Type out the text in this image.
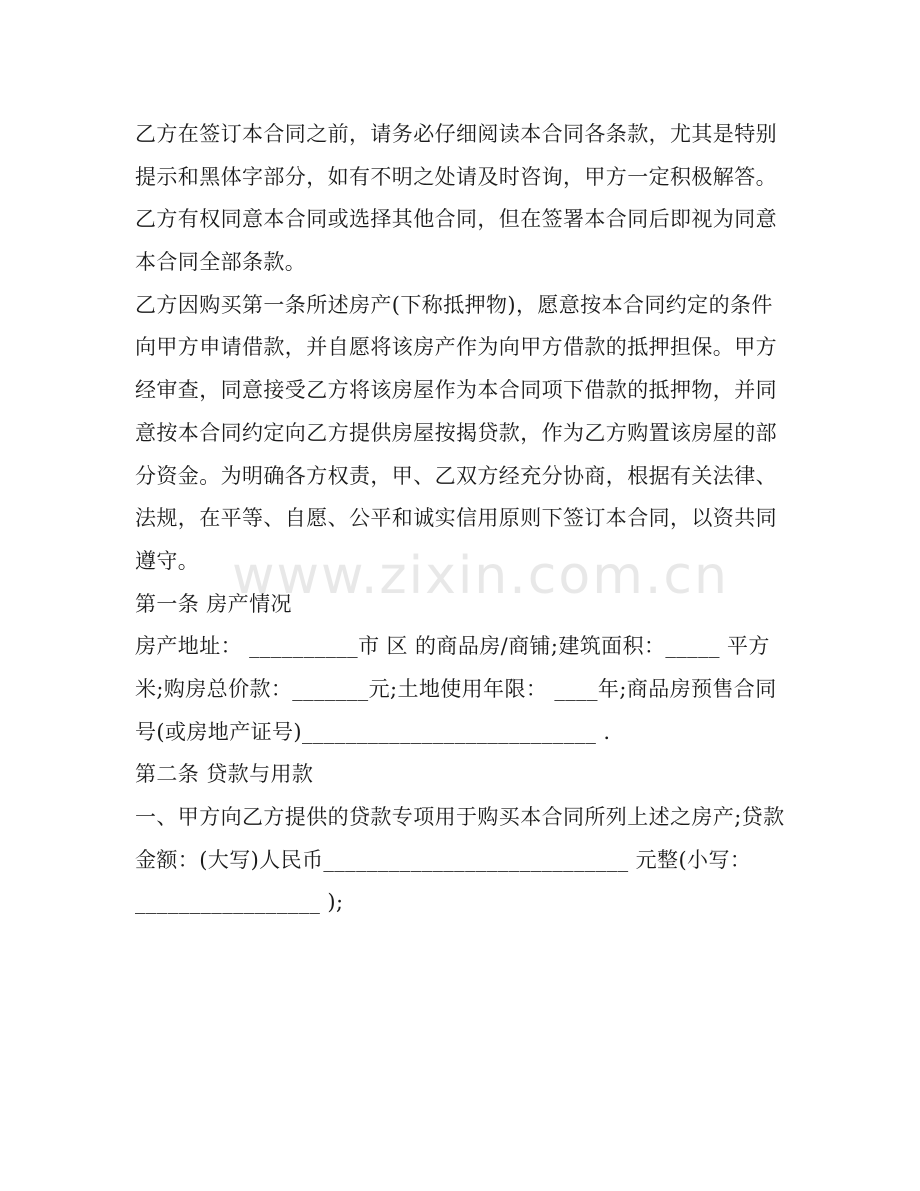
乙方在签订本合同之前，请务必仔细阅读本合同各条款，尤其是特别
提示和黑体字部分，如有不明之处请及时咨询，甲方一定积极解答。
乙方有权同意本合同或选择其他合同，但在签署本合同后即视为同意
本合同全部条款。
乙方因购买第一条所述房产(下称抵押物)，愿意按本合同约定的条件
向甲方申请借款，并自愿将该房产作为向甲方借款的抵押担保。甲方
经审查，同意接受乙方将该房屋作为本合同项下借款的抵押物，并同
意按本合同约定向乙方提供房屋按揭贷款，作为乙方购置该房屋的部
分资金。为明确各方权责，甲、乙双方经充分协商，根据有关法律、
法规，在平等、自愿、公平和诚实信用原则下签订本合同，以资共同
遵守。
第一条 房产情况
房产地址： __________市 区 的商品房/商铺;建筑面积：_____ 平方
米;购房总价款：_______元;土地使用年限： ____年;商品房预售合同
号(或房地产证号)___________________________ .
第二条 贷款与用款
一、甲方向乙方提供的贷款专项用于购买本合同所列上述之房产;贷款
金额：(大写)人民币____________________________ 元整(小写：
_________________ );
www.zixin.com.cn
